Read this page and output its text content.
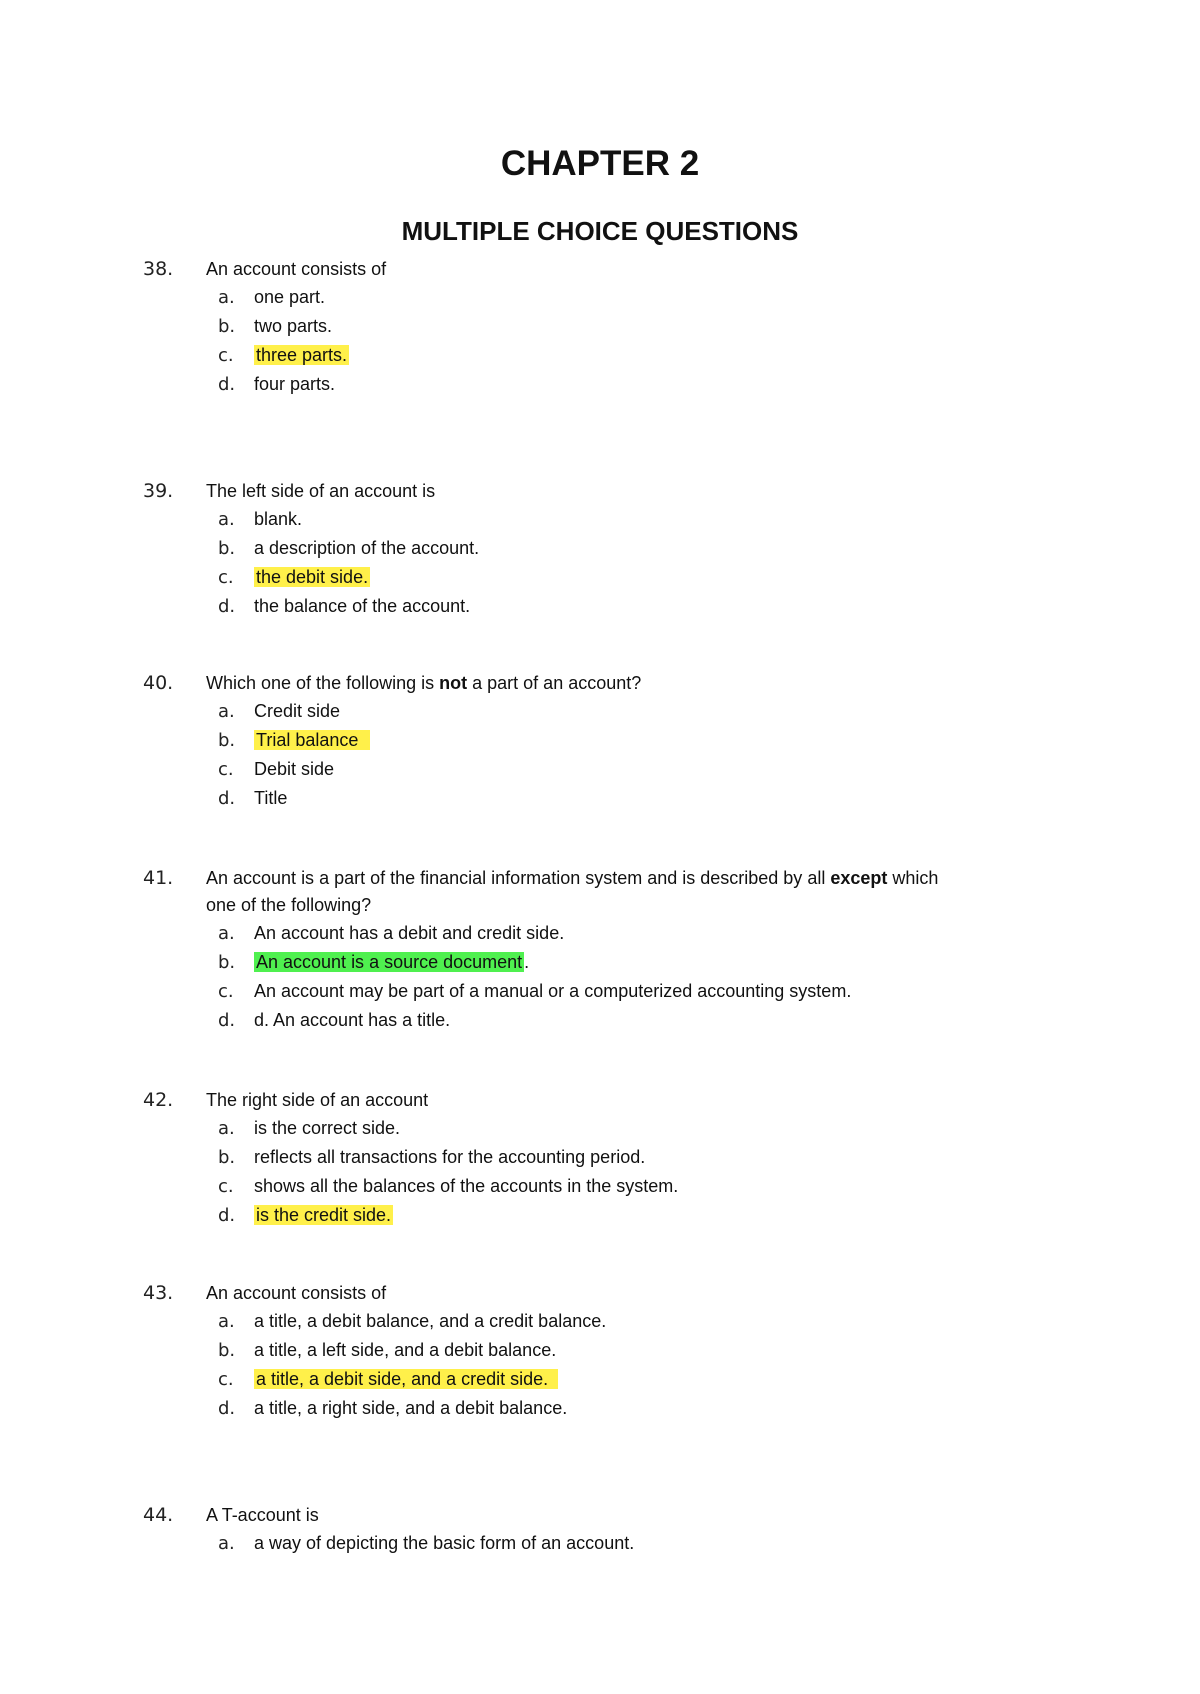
CHAPTER 2
MULTIPLE CHOICE QUESTIONS
38. An account consists of
a. one part.
b. two parts.
c. three parts.
d. four parts.
39. The left side of an account is
a. blank.
b. a description of the account.
c. the debit side.
d. the balance of the account.
40. Which one of the following is not a part of an account?
a. Credit side
b. Trial balance
c. Debit side
d. Title
41. An account is a part of the financial information system and is described by all except which
one of the following?
a. An account has a debit and credit side.
b. An account is a source document .
c. An account may be part of a manual or a computerized accounting system.
d. d. An account has a title.
42. The right side of an account
a. is the correct side.
b. reflects all transactions for the accounting period.
c. shows all the balances of the accounts in the system.
d. is the credit side.
43. An account consists of
a. a title, a debit balance, and a credit balance.
b. a title, a left side, and a debit balance.
c. a title, a debit side, and a credit side.
d. a title, a right side, and a debit balance.
44. A T-account is
a. a way of depicting the basic form of an account.
